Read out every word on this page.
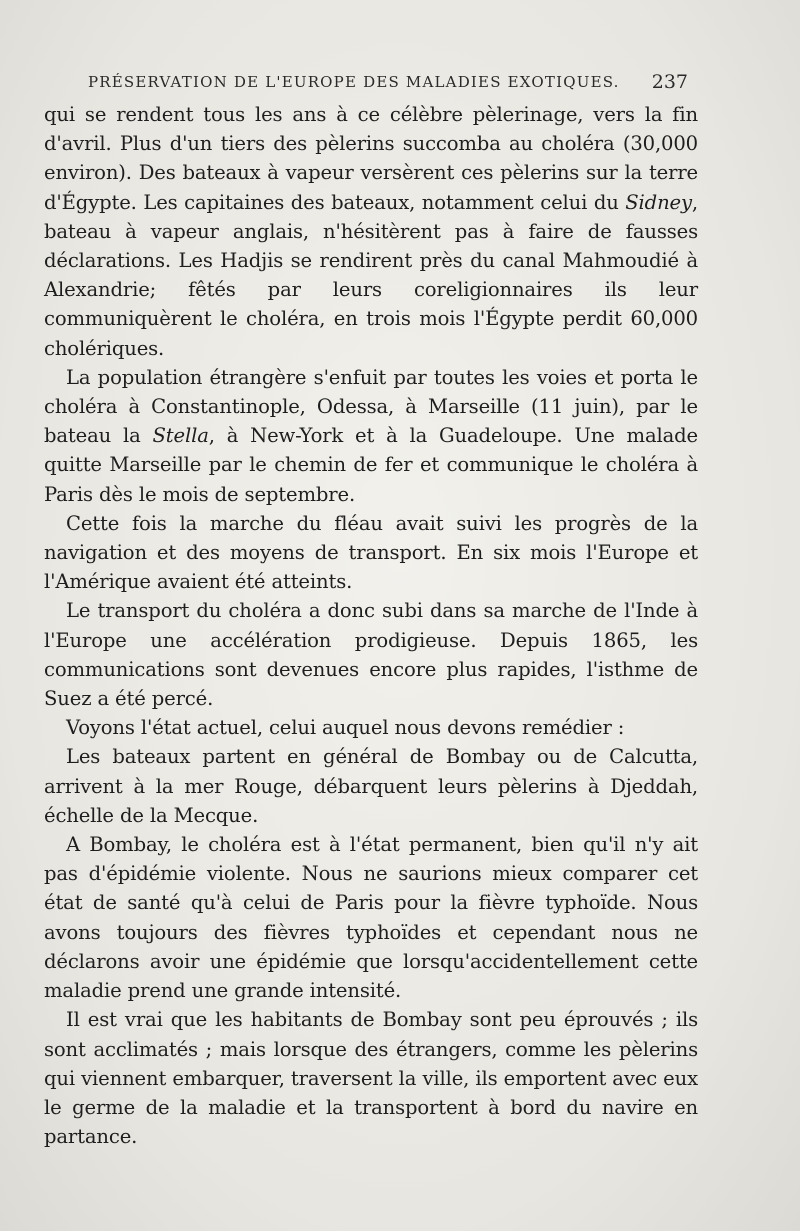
PRÉSERVATION DE L'EUROPE DES MALADIES EXOTIQUES. 237

qui se rendent tous les ans à ce célèbre pèlerinage, vers la fin d'avril. Plus d'un tiers des pèlerins succomba au choléra (30,000 environ). Des bateaux à vapeur versèrent ces pèlerins sur la terre d'Égypte. Les capitaines des bateaux, notamment celui du Sidney, bateau à vapeur anglais, n'hésitèrent pas à faire de fausses déclarations. Les Hadjis se rendirent près du canal Mahmoudié à Alexandrie; fêtés par leurs coreligionnaires ils leur communiquèrent le choléra, en trois mois l'Égypte perdit 60,000 cholériques.

La population étrangère s'enfuit par toutes les voies et porta le choléra à Constantinople, Odessa, à Marseille (11 juin), par le bateau la Stella, à New-York et à la Guadeloupe. Une malade quitte Marseille par le chemin de fer et communique le choléra à Paris dès le mois de septembre.

Cette fois la marche du fléau avait suivi les progrès de la navigation et des moyens de transport. En six mois l'Europe et l'Amérique avaient été atteints.

Le transport du choléra a donc subi dans sa marche de l'Inde à l'Europe une accélération prodigieuse. Depuis 1865, les communications sont devenues encore plus rapides, l'isthme de Suez a été percé.

Voyons l'état actuel, celui auquel nous devons remédier :

Les bateaux partent en général de Bombay ou de Calcutta, arrivent à la mer Rouge, débarquent leurs pèlerins à Djeddah, échelle de la Mecque.

A Bombay, le choléra est à l'état permanent, bien qu'il n'y ait pas d'épidémie violente. Nous ne saurions mieux comparer cet état de santé qu'à celui de Paris pour la fièvre typhoïde. Nous avons toujours des fièvres typhoïdes et cependant nous ne déclarons avoir une épidémie que lorsqu'accidentellement cette maladie prend une grande intensité.

Il est vrai que les habitants de Bombay sont peu éprouvés ; ils sont acclimatés ; mais lorsque des étrangers, comme les pèlerins qui viennent embarquer, traversent la ville, ils emportent avec eux le germe de la maladie et la transportent à bord du navire en partance.
